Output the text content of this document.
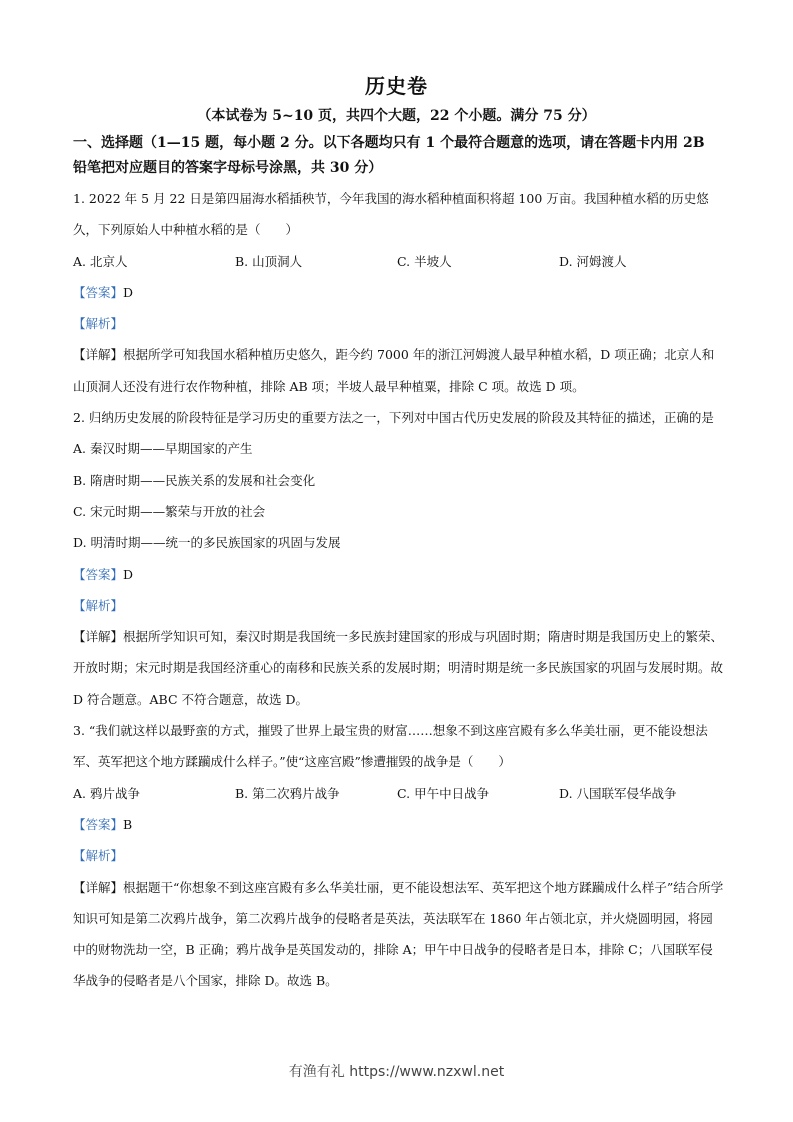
历史卷
（本试卷为 5~10 页，共四个大题，22 个小题。满分 75 分）
一、选择题（1—15 题，每小题 2 分。以下各题均只有 1 个最符合题意的选项，请在答题卡内用 2B 铅笔把对应题目的答案字母标号涂黑，共 30 分）
1. 2022 年 5 月 22 日是第四届海水稻插秧节，今年我国的海水稻种植面积将超 100 万亩。我国种植水稻的历史悠久，下列原始人中种植水稻的是（　　）
A. 北京人	B. 山顶洞人	C. 半坡人	D. 河姆渡人
【答案】D
【解析】
【详解】根据所学可知我国水稻种植历史悠久，距今约 7000 年的浙江河姆渡人最早种植水稻，D 项正确；北京人和山顶洞人还没有进行农作物种植，排除 AB 项；半坡人最早种植粟，排除 C 项。故选 D 项。
2. 归纳历史发展的阶段特征是学习历史的重要方法之一，下列对中国古代历史发展的阶段及其特征的描述，正确的是
A. 秦汉时期——早期国家的产生
B. 隋唐时期——民族关系的发展和社会变化
C. 宋元时期——繁荣与开放的社会
D. 明清时期——统一的多民族国家的巩固与发展
【答案】D
【解析】
【详解】根据所学知识可知，秦汉时期是我国统一多民族封建国家的形成与巩固时期；隋唐时期是我国历史上的繁荣、开放时期；宋元时期是我国经济重心的南移和民族关系的发展时期；明清时期是统一多民族国家的巩固与发展时期。故 D 符合题意。ABC 不符合题意，故选 D。
3. “我们就这样以最野蛮的方式，摧毁了世界上最宝贵的财富……想象不到这座宫殿有多么华美壮丽，更不能设想法军、英军把这个地方蹂躏成什么样子。”使“这座宫殿”惨遭摧毁的战争是（　　）
A. 鸦片战争	B. 第二次鸦片战争	C. 甲午中日战争	D. 八国联军侵华战争
【答案】B
【解析】
【详解】根据题干“你想象不到这座宫殿有多么华美壮丽，更不能设想法军、英军把这个地方蹂躏成什么样子”结合所学知识可知是第二次鸦片战争，第二次鸦片战争的侵略者是英法，英法联军在 1860 年占领北京，并火烧圆明园，将园中的财物洗劫一空，B 正确；鸦片战争是英国发动的，排除 A；甲午中日战争的侵略者是日本，排除 C；八国联军侵华战争的侵略者是八个国家，排除 D。故选 B。
有渔有礼 https://www.nzxwl.net
